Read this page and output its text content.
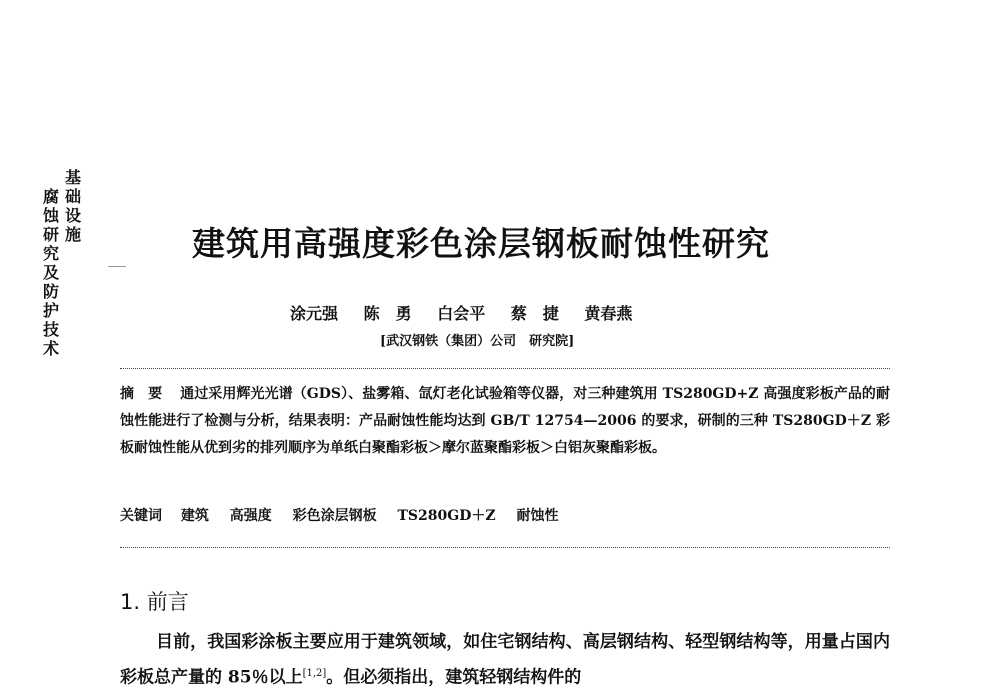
基础设施
腐蚀研究及防护技术
建筑用高强度彩色涂层钢板耐蚀性研究
涂元强 陈　勇 白会平 蔡　捷 黄春燕
[武汉钢铁（集团）公司　研究院]
摘要 通过采用辉光光谱（GDS）、盐雾箱、氙灯老化试验箱等仪器，对三种建筑用 TS280GD+Z 高强度彩板产品的耐蚀性能进行了检测与分析，结果表明：产品耐蚀性能均达到 GB/T 12754—2006 的要求，研制的三种 TS280GD＋Z 彩板耐蚀性能从优到劣的排列顺序为单纸白聚酯彩板＞摩尔蓝聚酯彩板＞白铝灰聚酯彩板。
关键词 建筑 高强度 彩色涂层钢板 TS280GD＋Z 耐蚀性
1. 前言

目前，我国彩涂板主要应用于建筑领域，如住宅钢结构、高层钢结构、轻型钢结构等，用量占国内彩板总产量的 85％以上[1,2]。但必须指出，建筑轻钢结构件的
